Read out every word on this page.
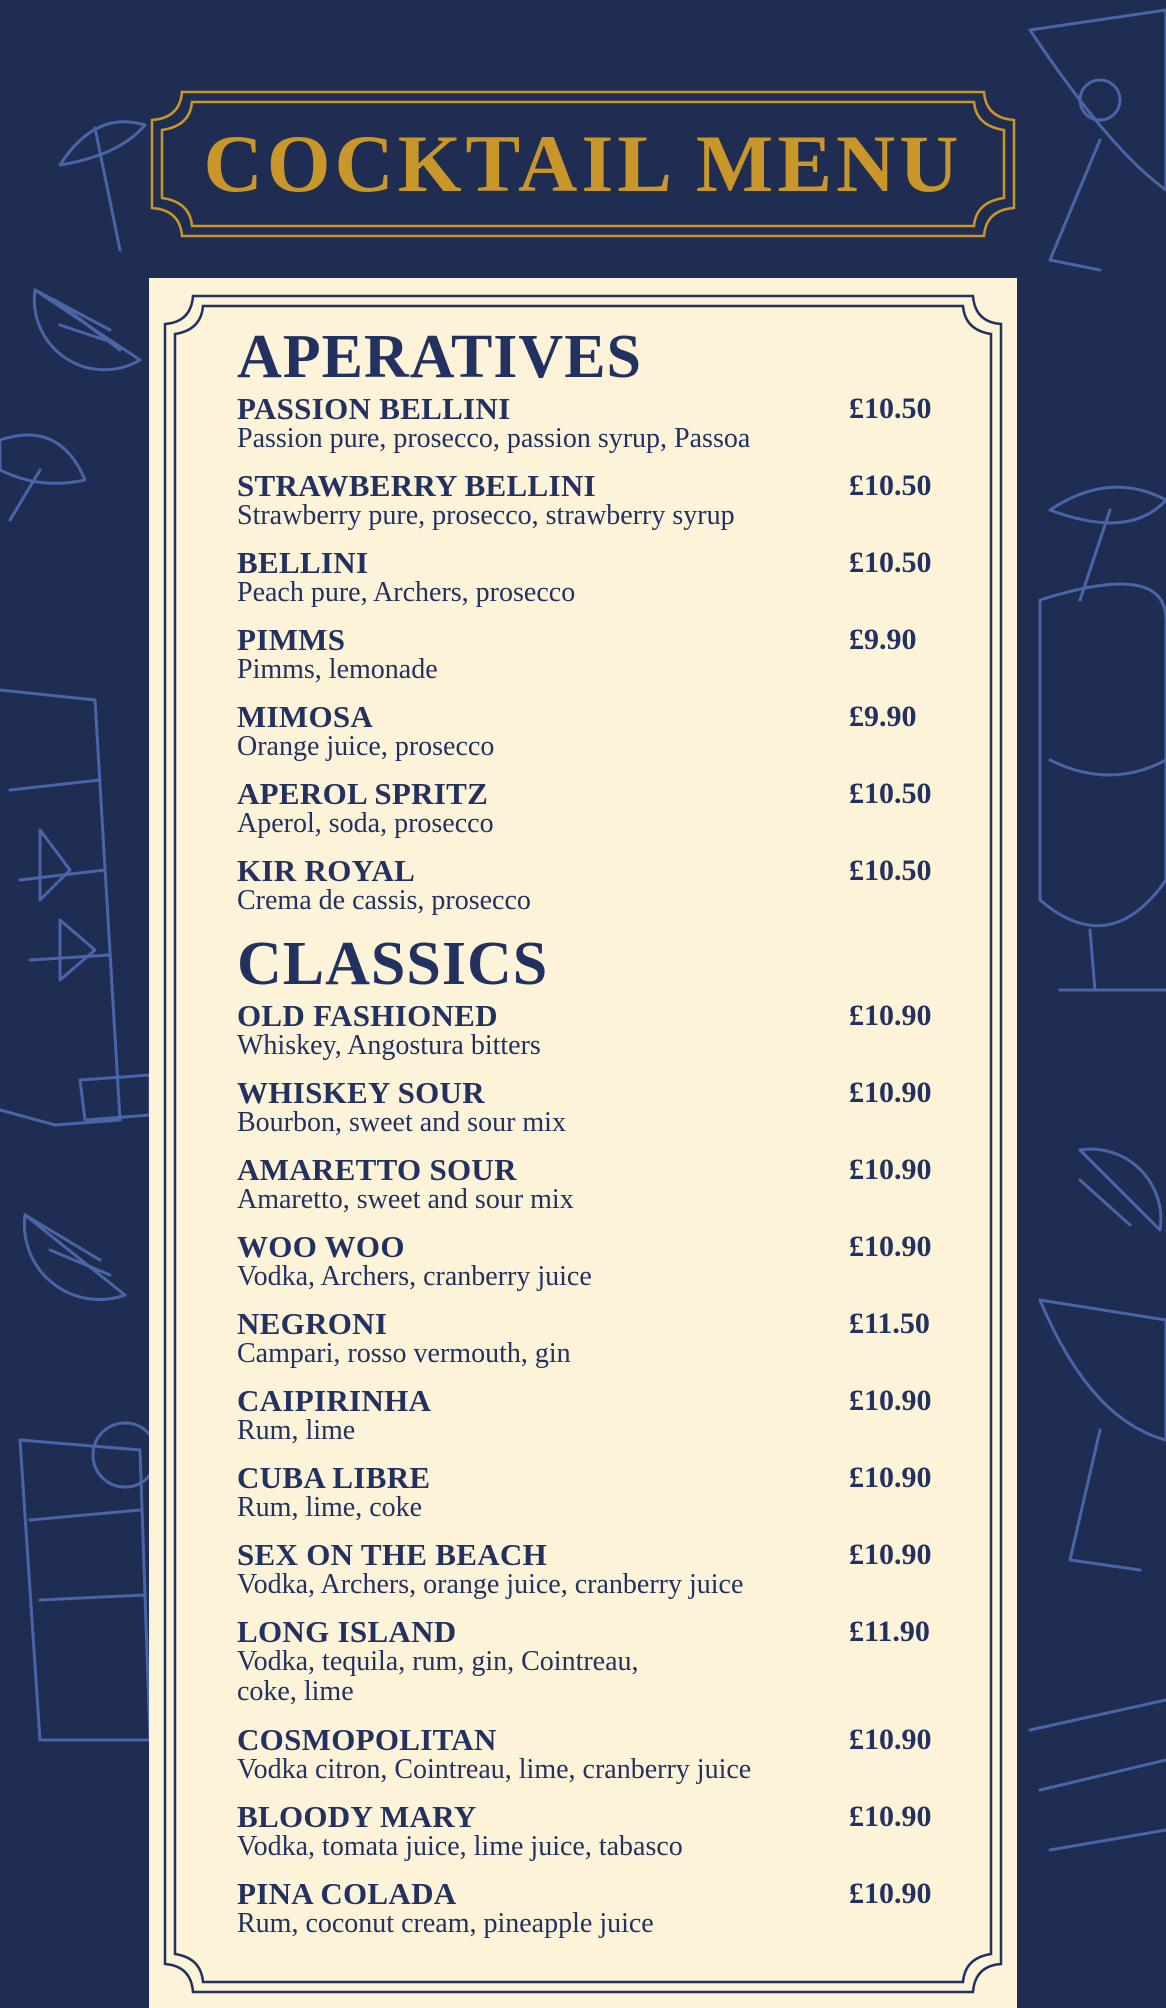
COCKTAIL MENU
APERATIVES
PASSION BELLINI	£10.50
Passion pure, prosecco, passion syrup, Passoa
STRAWBERRY BELLINI	£10.50
Strawberry pure, prosecco, strawberry syrup
BELLINI	£10.50
Peach pure, Archers, prosecco
PIMMS	£9.90
Pimms, lemonade
MIMOSA	£9.90
Orange juice, prosecco
APEROL SPRITZ	£10.50
Aperol, soda, prosecco
KIR ROYAL	£10.50
Crema de cassis, prosecco
CLASSICS
OLD FASHIONED	£10.90
Whiskey, Angostura bitters
WHISKEY SOUR	£10.90
Bourbon, sweet and sour mix
AMARETTO SOUR	£10.90
Amaretto, sweet and sour mix
WOO WOO	£10.90
Vodka, Archers, cranberry juice
NEGRONI	£11.50
Campari, rosso vermouth, gin
CAIPIRINHA	£10.90
Rum, lime
CUBA LIBRE	£10.90
Rum, lime, coke
SEX ON THE BEACH	£10.90
Vodka, Archers, orange juice, cranberry juice
LONG ISLAND	£11.90
Vodka, tequila, rum, gin, Cointreau,
coke, lime
COSMOPOLITAN	£10.90
Vodka citron, Cointreau, lime, cranberry juice
BLOODY MARY	£10.90
Vodka, tomata juice, lime juice, tabasco
PINA COLADA	£10.90
Rum, coconut cream, pineapple juice
